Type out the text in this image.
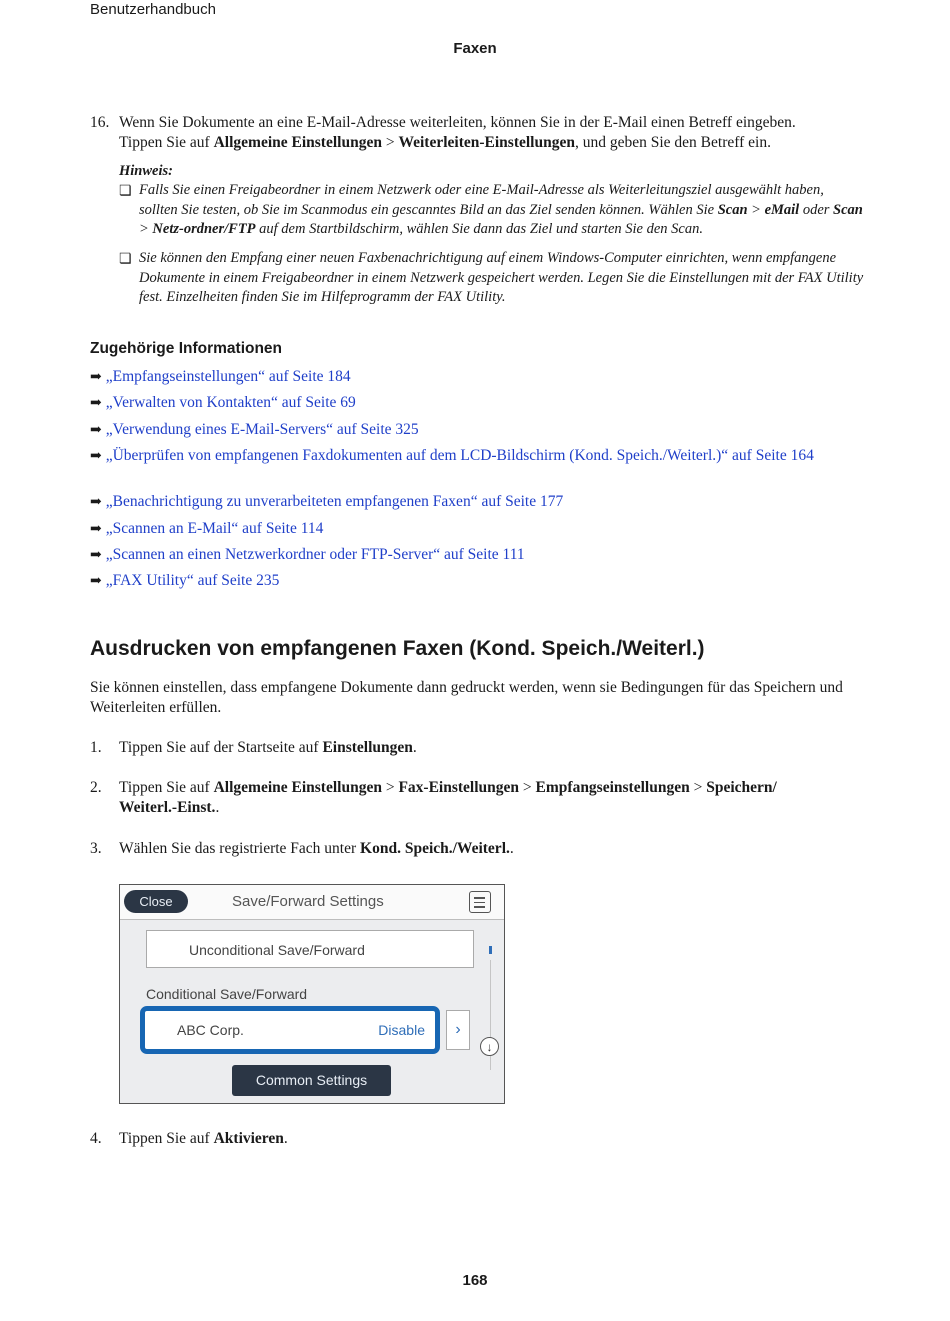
Benutzerhandbuch
Faxen
16. Wenn Sie Dokumente an eine E-Mail-Adresse weiterleiten, können Sie in der E-Mail einen Betreff eingeben.
Tippen Sie auf Allgemeine Einstellungen > Weiterleiten-Einstellungen, und geben Sie den Betreff ein.
Hinweis:
❏ Falls Sie einen Freigabeordner in einem Netzwerk oder eine E-Mail-Adresse als Weiterleitungsziel ausgewählt haben, sollten Sie testen, ob Sie im Scanmodus ein gescanntes Bild an das Ziel senden können. Wählen Sie Scan > eMail oder Scan > Netz-ordner/FTP auf dem Startbildschirm, wählen Sie dann das Ziel und starten Sie den Scan.
❏ Sie können den Empfang einer neuen Faxbenachrichtigung auf einem Windows-Computer einrichten, wenn empfangene Dokumente in einem Freigabeordner in einem Netzwerk gespeichert werden. Legen Sie die Einstellungen mit der FAX Utility fest. Einzelheiten finden Sie im Hilfeprogramm der FAX Utility.
Zugehörige Informationen
➡ „Empfangseinstellungen“ auf Seite 184
➡ „Verwalten von Kontakten“ auf Seite 69
➡ „Verwendung eines E-Mail-Servers“ auf Seite 325
➡ „Überprüfen von empfangenen Faxdokumenten auf dem LCD-Bildschirm (Kond. Speich./Weiterl.)“ auf Seite 164
➡ „Benachrichtigung zu unverarbeiteten empfangenen Faxen“ auf Seite 177
➡ „Scannen an E-Mail“ auf Seite 114
➡ „Scannen an einen Netzwerkordner oder FTP-Server“ auf Seite 111
➡ „FAX Utility“ auf Seite 235
Ausdrucken von empfangenen Faxen (Kond. Speich./Weiterl.)
Sie können einstellen, dass empfangene Dokumente dann gedruckt werden, wenn sie Bedingungen für das Speichern und Weiterleiten erfüllen.
1. Tippen Sie auf der Startseite auf Einstellungen.
2. Tippen Sie auf Allgemeine Einstellungen > Fax-Einstellungen > Empfangseinstellungen > Speichern/ Weiterl.-Einst..
3. Wählen Sie das registrierte Fach unter Kond. Speich./Weiterl..
Close	Save/Forward Settings
Unconditional Save/Forward
Conditional Save/Forward
ABC Corp.	Disable	›
↓
Common Settings
4. Tippen Sie auf Aktivieren.
168
